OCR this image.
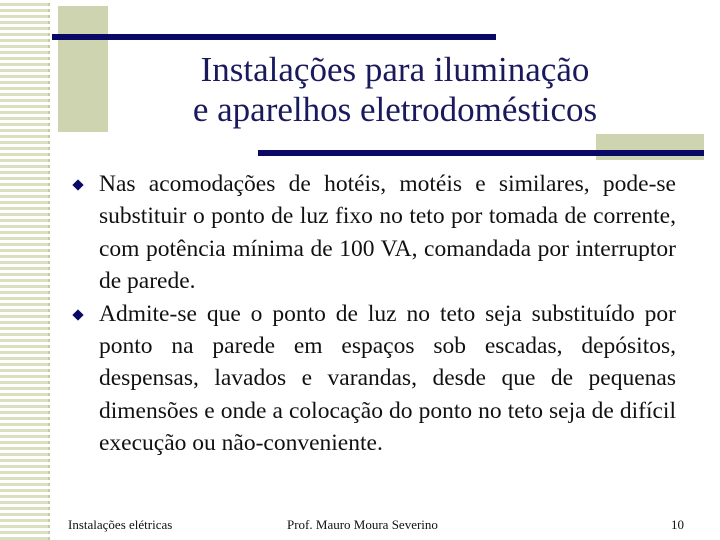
Instalações para iluminação
e aparelhos eletrodomésticos

Nas acomodações de hotéis, motéis e similares, pode-se substituir o ponto de luz fixo no teto por tomada de corrente, com potência mínima de 100 VA, comandada por interruptor de parede.

Admite-se que o ponto de luz no teto seja substituído por ponto na parede em espaços sob escadas, depósitos, despensas, lavados e varandas, desde que de pequenas dimensões e onde a colocação do ponto no teto seja de difícil execução ou não-conveniente.

Instalações elétricas	Prof. Mauro Moura Severino	10
